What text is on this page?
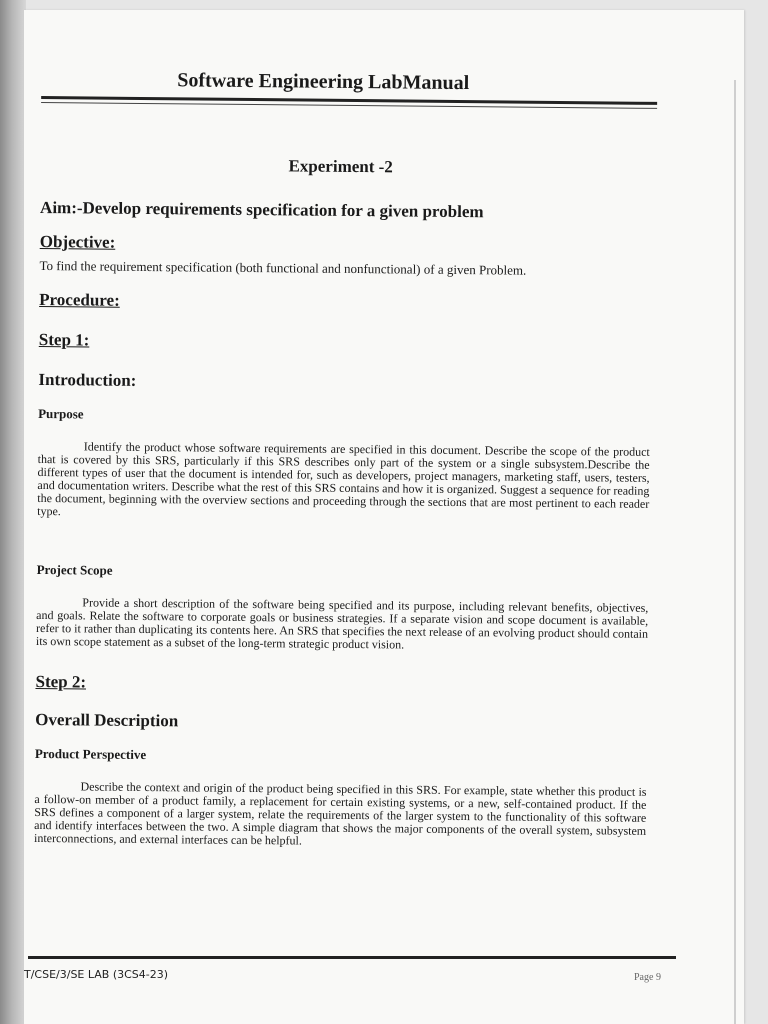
Software Engineering LabManual
Experiment -2
Aim:-Develop requirements specification for a given problem
Objective:
To find the requirement specification (both functional and nonfunctional) of a given Problem.
Procedure:
Step 1:
Introduction:
Purpose

Identify the product whose software requirements are specified in this document. Describe the scope of the product that is covered by this SRS, particularly if this SRS describes only part of the system or a single subsystem.Describe the different types of user that the document is intended for, such as developers, project managers, marketing staff, users, testers, and documentation writers. Describe what the rest of this SRS contains and how it is organized. Suggest a sequence for reading the document, beginning with the overview sections and proceeding through the sections that are most pertinent to each reader type.

Project Scope

Provide a short description of the software being specified and its purpose, including relevant benefits, objectives, and goals. Relate the software to corporate goals or business strategies. If a separate vision and scope document is available, refer to it rather than duplicating its contents here. An SRS that specifies the next release of an evolving product should contain its own scope statement as a subset of the long-term strategic product vision.

Step 2:
Overall Description
Product Perspective

Describe the context and origin of the product being specified in this SRS. For example, state whether this product is a follow-on member of a product family, a replacement for certain existing systems, or a new, self-contained product. If the SRS defines a component of a larger system, relate the requirements of the larger system to the functionality of this software and identify interfaces between the two. A simple diagram that shows the major components of the overall system, subsystem interconnections, and external interfaces can be helpful.

T/CSE/3/SE LAB (3CS4-23)	Page 9
